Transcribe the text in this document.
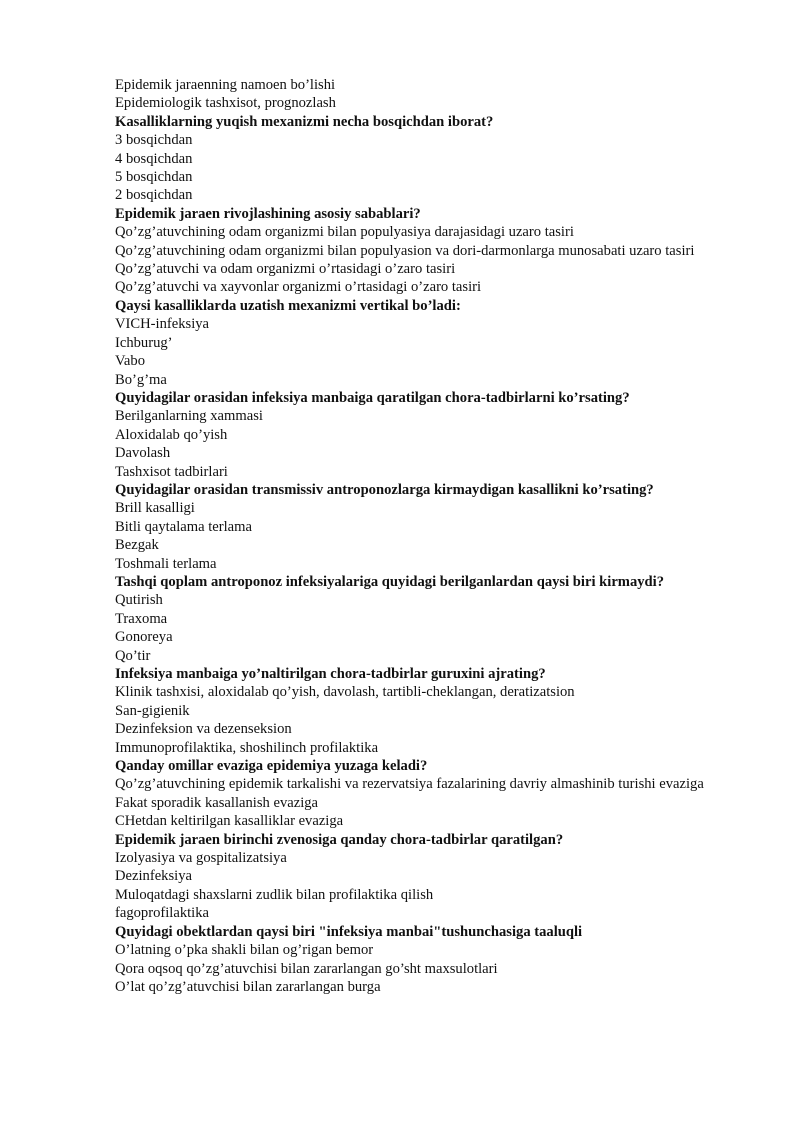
Epidemik jaraenning namoen bo’lishi

Epidemiologik tashxisot, prognozlash

Kasalliklarning yuqish mexanizmi necha bosqichdan iborat?

3 bosqichdan

4 bosqichdan

5 bosqichdan

2 bosqichdan

Epidemik jaraen rivojlashining asosiy sabablari?

Qo’zg’atuvchining odam organizmi bilan populyasiya darajasidagi uzaro tasiri

Qo’zg’atuvchining odam organizmi bilan populyasion va dori-darmonlarga munosabati uzaro tasiri

Qo’zg’atuvchi va odam organizmi o’rtasidagi o’zaro tasiri

Qo’zg’atuvchi va xayvonlar organizmi o’rtasidagi o’zaro tasiri

Qaysi kasalliklarda uzatish mexanizmi vertikal bo’ladi:

VICH-infeksiya

Ichburug’

Vabo

Bo’g’ma

Quyidagilar orasidan infeksiya manbaiga qaratilgan chora-tadbirlarni ko’rsating?

Berilganlarning xammasi

Aloxidalab qo’yish

Davolash

Tashxisot tadbirlari

Quyidagilar orasidan transmissiv antroponozlarga kirmaydigan kasallikni ko’rsating?

Brill kasalligi

Bitli qaytalama terlama

Bezgak

Toshmali terlama

Tashqi qoplam antroponoz infeksiyalariga quyidagi berilganlardan qaysi biri kirmaydi?

Qutirish

Traxoma

Gonoreya

Qo’tir

Infeksiya manbaiga yo’naltirilgan chora-tadbirlar guruxini ajrating?

Klinik tashxisi, aloxidalab qo’yish, davolash, tartibli-cheklangan, deratizatsion

San-gigienik

Dezinfeksion va dezenseksion

Immunoprofilaktika, shoshilinch profilaktika

Qanday omillar evaziga epidemiya yuzaga keladi?

Qo’zg’atuvchining epidemik tarkalishi va rezervatsiya fazalarining davriy almashinib turishi evaziga

Fakat sporadik kasallanish evaziga

CHetdan keltirilgan kasalliklar evaziga

Epidemik jaraen birinchi zvenosiga qanday chora-tadbirlar qaratilgan?

Izolyasiya va gospitalizatsiya

Dezinfeksiya

Muloqatdagi shaxslarni zudlik bilan profilaktika qilish

fagoprofilaktika

Quyidagi obektlardan qaysi biri "infeksiya manbai"tushunchasiga taaluqli

O’latning o’pka shakli bilan og’rigan bemor

Qora oqsoq qo’zg’atuvchisi bilan zararlangan go’sht maxsulotlari

O’lat qo’zg’atuvchisi bilan zararlangan burga
